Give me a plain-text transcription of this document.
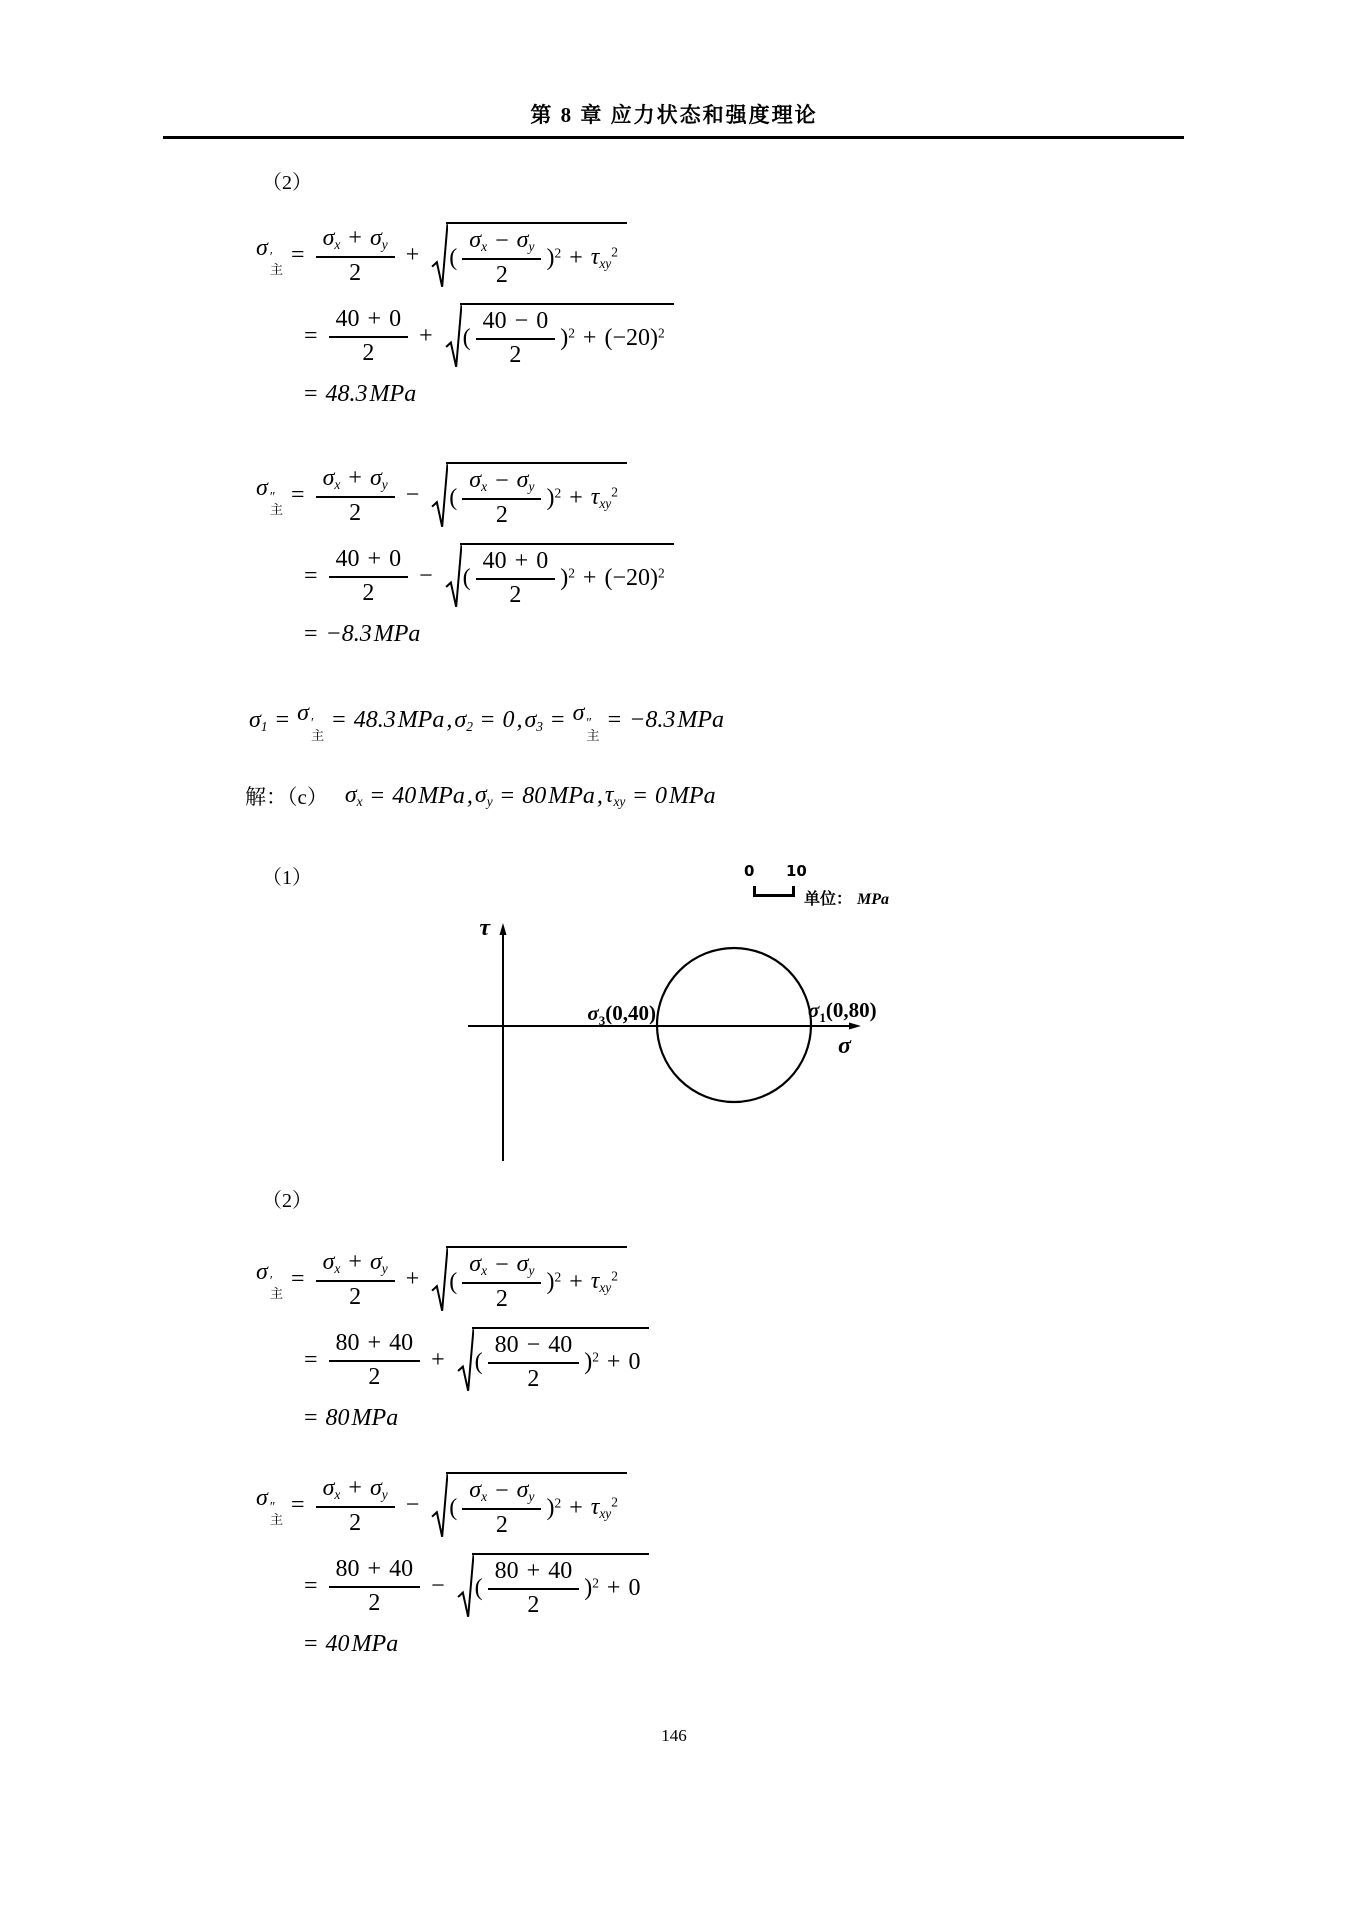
第 8 章 应力状态和强度理论
（2）
σ ′
主
= $\frac{\sigma_x + \sigma_y}{2}$ + ( $\frac{\sigma_x - \sigma_y}{2} )^2 + \tau_{xy}^2$
= $\frac{40 + 0}{2}$ + ( $\frac{40 - 0}{2} )^2 + (-20)^2$
= 48.3 MPa
σ ″
主
= $\frac{\sigma_x + \sigma_y}{2}$ − ( $\frac{\sigma_x - \sigma_y}{2} )^2 + \tau_{xy}^2$
= $\frac{40 + 0}{2}$ − ( $\frac{40 + 0}{2} )^2 + (-20)^2$
= −8.3 MPa
$\sigma_1 = \sigma$ ′
主
= 48.3 MPa , $\sigma_2 = 0$ , $\sigma_3 = \sigma$ ″
主
= −8.3 MPa
解：（c） $\sigma_x = 40$ MPa , $\sigma_y = 80$ MPa , $\tau_{xy} = 0$ MPa
（1）	0 10
单位： MPa
τ
σ
$\sigma_3(0,40)$	$\sigma_1(0,80)$
（2）
σ ′
主
= $\frac{\sigma_x + \sigma_y}{2}$ + ( $\frac{\sigma_x - \sigma_y}{2} )^2 + \tau_{xy}^2$
= $\frac{80 + 40}{2}$ + ( $\frac{80 - 40}{2} )^2 + 0$
= 80 MPa
σ ″
主
= $\frac{\sigma_x + \sigma_y}{2}$ − ( $\frac{\sigma_x - \sigma_y}{2} )^2 + \tau_{xy}^2$
= $\frac{80 + 40}{2}$ − ( $\frac{80 + 40}{2} )^2 + 0$
= 40 MPa
146
